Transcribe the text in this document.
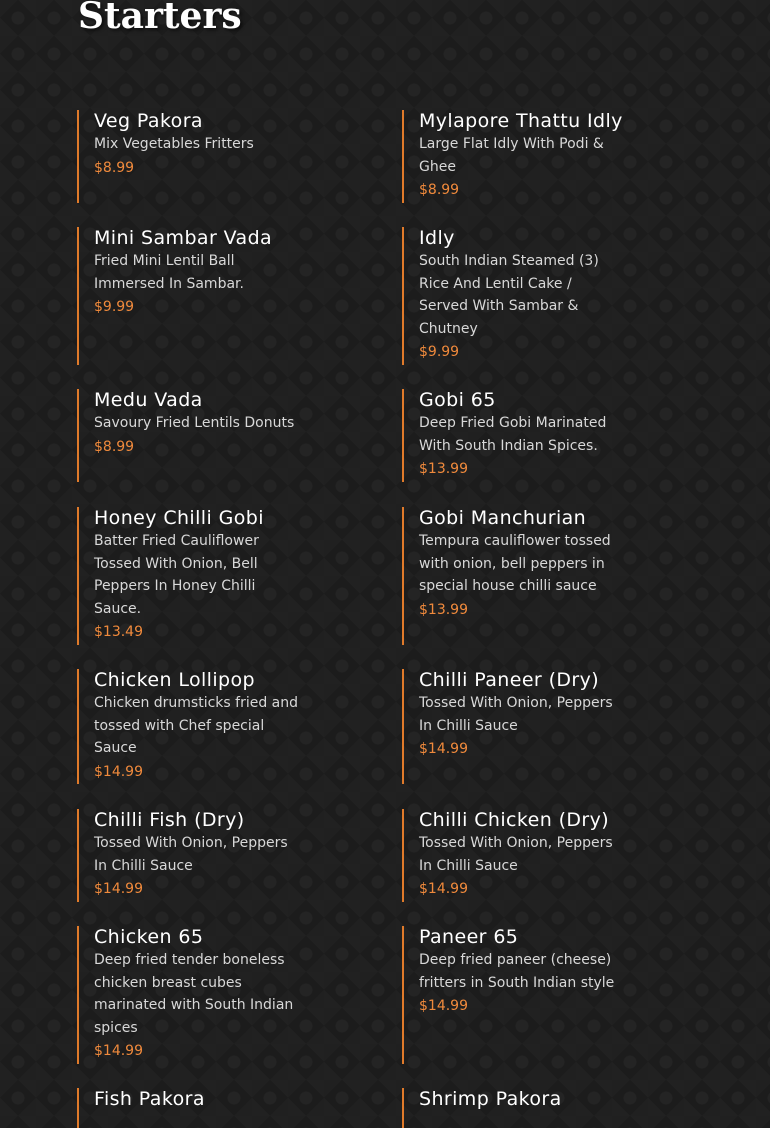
Starters
Veg Pakora
Mix Vegetables Fritters
$8.99
Mylapore Thattu Idly
Large Flat Idly With Podi & Ghee
$8.99
Mini Sambar Vada
Fried Mini Lentil Ball Immersed In Sambar.
$9.99
Idly
South Indian Steamed (3) Rice And Lentil Cake / Served With Sambar & Chutney
$9.99
Medu Vada
Savoury Fried Lentils Donuts
$8.99
Gobi 65
Deep Fried Gobi Marinated With South Indian Spices.
$13.99
Honey Chilli Gobi
Batter Fried Cauliflower Tossed With Onion, Bell Peppers In Honey Chilli Sauce.
$13.49
Gobi Manchurian
Tempura cauliflower tossed with onion, bell peppers in special house chilli sauce
$13.99
Chicken Lollipop
Chicken drumsticks fried and tossed with Chef special Sauce
$14.99
Chilli Paneer (Dry)
Tossed With Onion, Peppers In Chilli Sauce
$14.99
Chilli Fish (Dry)
Tossed With Onion, Peppers In Chilli Sauce
$14.99
Chilli Chicken (Dry)
Tossed With Onion, Peppers In Chilli Sauce
$14.99
Chicken 65
Deep fried tender boneless chicken breast cubes marinated with South Indian spices
$14.99
Paneer 65
Deep fried paneer (cheese) fritters in South Indian style
$14.99
Fish Pakora	Shrimp Pakora
